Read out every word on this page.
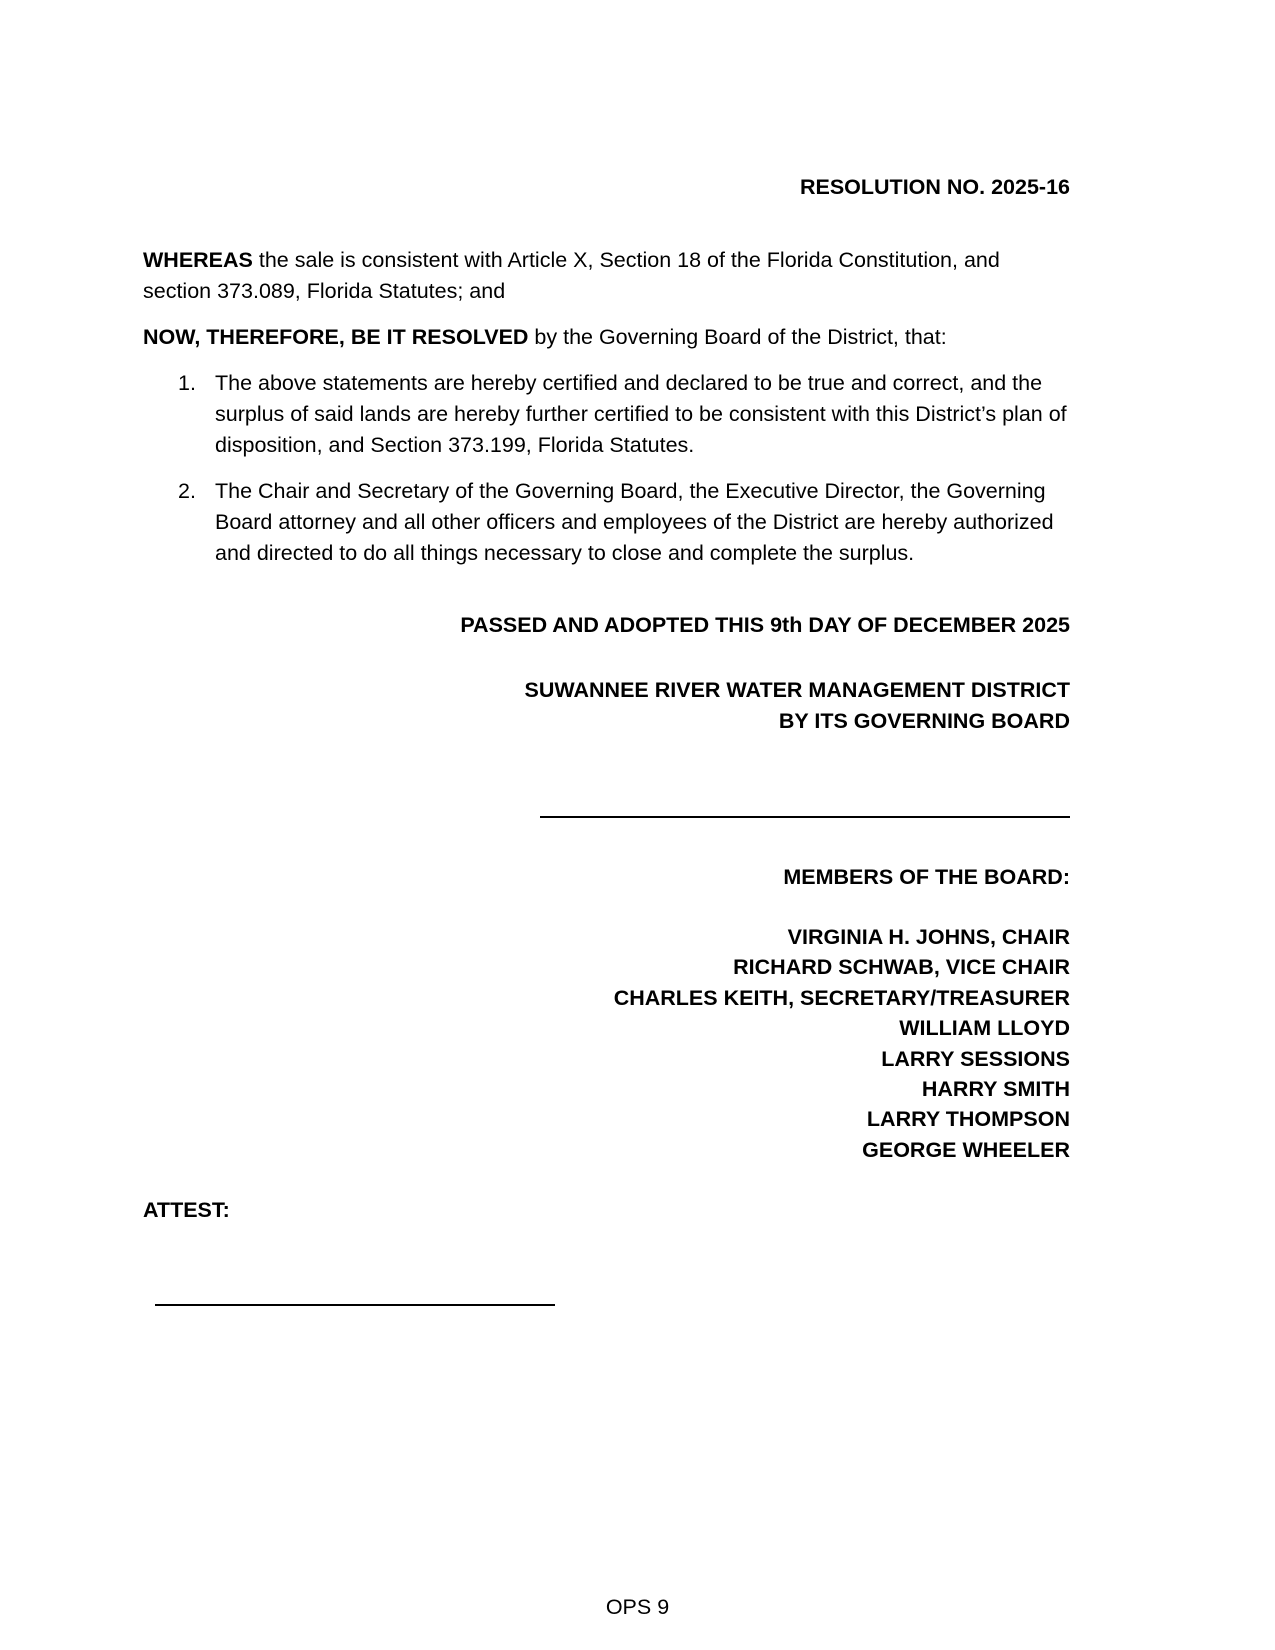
RESOLUTION NO. 2025-16

WHEREAS the sale is consistent with Article X, Section 18 of the Florida Constitution, and section 373.089, Florida Statutes; and

NOW, THEREFORE, BE IT RESOLVED by the Governing Board of the District, that:

1. The above statements are hereby certified and declared to be true and correct, and the surplus of said lands are hereby further certified to be consistent with this District’s plan of disposition, and Section 373.199, Florida Statutes.
2. The Chair and Secretary of the Governing Board, the Executive Director, the Governing Board attorney and all other officers and employees of the District are hereby authorized and directed to do all things necessary to close and complete the surplus.
PASSED AND ADOPTED THIS 9th DAY OF DECEMBER 2025
SUWANNEE RIVER WATER MANAGEMENT DISTRICT
BY ITS GOVERNING BOARD
MEMBERS OF THE BOARD:
VIRGINIA H. JOHNS, CHAIR
RICHARD SCHWAB, VICE CHAIR
CHARLES KEITH, SECRETARY/TREASURER
WILLIAM LLOYD
LARRY SESSIONS
HARRY SMITH
LARRY THOMPSON
GEORGE WHEELER
ATTEST:
OPS 9
